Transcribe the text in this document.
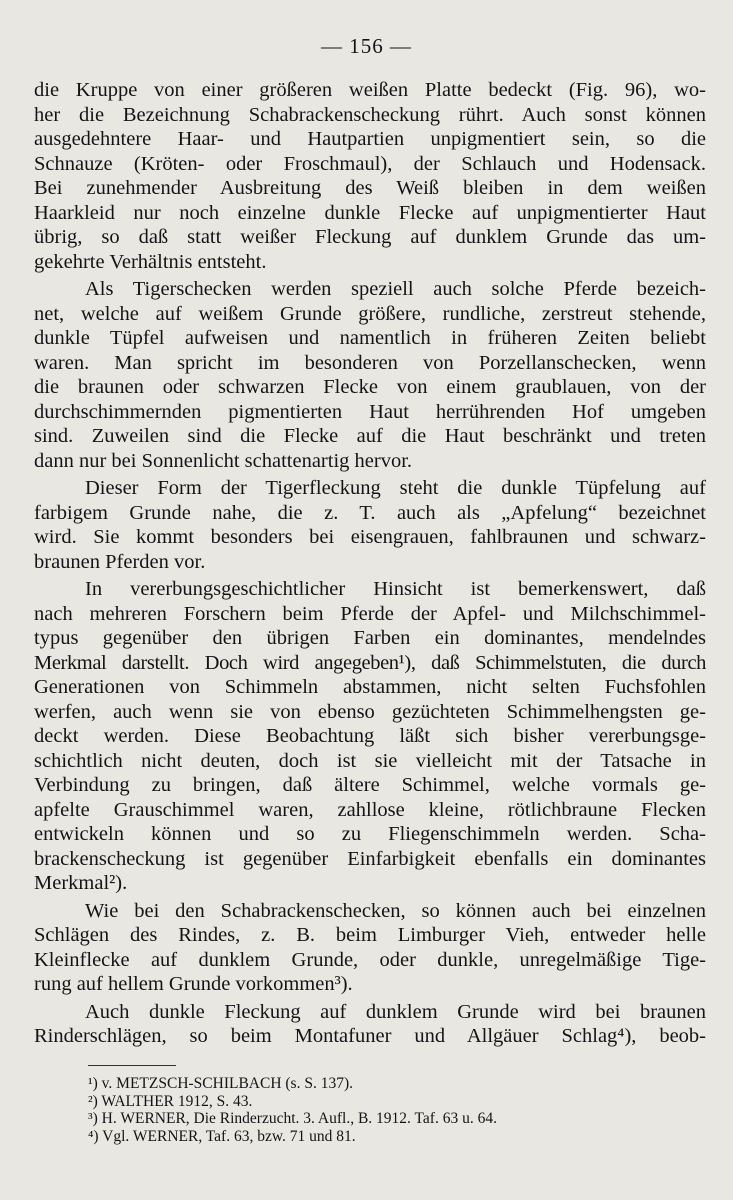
— 156 —
die Kruppe von einer größeren weißen Platte bedeckt (Fig. 96), wo-
her die Bezeichnung Schabrackenscheckung rührt. Auch sonst können
ausgedehntere Haar- und Hautpartien unpigmentiert sein, so die
Schnauze (Kröten- oder Froschmaul), der Schlauch und Hodensack.
Bei zunehmender Ausbreitung des Weiß bleiben in dem weißen
Haarkleid nur noch einzelne dunkle Flecke auf unpigmentierter Haut
übrig, so daß statt weißer Fleckung auf dunklem Grunde das um-
gekehrte Verhältnis entsteht.
Als Tigerschecken werden speziell auch solche Pferde bezeich-
net, welche auf weißem Grunde größere, rundliche, zerstreut stehende,
dunkle Tüpfel aufweisen und namentlich in früheren Zeiten beliebt
waren. Man spricht im besonderen von Porzellanschecken, wenn
die braunen oder schwarzen Flecke von einem graublauen, von der
durchschimmernden pigmentierten Haut herrührenden Hof umgeben
sind. Zuweilen sind die Flecke auf die Haut beschränkt und treten
dann nur bei Sonnenlicht schattenartig hervor.
Dieser Form der Tigerfleckung steht die dunkle Tüpfelung auf
farbigem Grunde nahe, die z. T. auch als „Apfelung“ bezeichnet
wird. Sie kommt besonders bei eisengrauen, fahlbraunen und schwarz-
braunen Pferden vor.
In vererbungsgeschichtlicher Hinsicht ist bemerkenswert, daß
nach mehreren Forschern beim Pferde der Apfel- und Milchschimmel-
typus gegenüber den übrigen Farben ein dominantes, mendelndes
Merkmal darstellt. Doch wird angegeben¹), daß Schimmelstuten, die durch
Generationen von Schimmeln abstammen, nicht selten Fuchsfohlen
werfen, auch wenn sie von ebenso gezüchteten Schimmelhengsten ge-
deckt werden. Diese Beobachtung läßt sich bisher vererbungsge-
schichtlich nicht deuten, doch ist sie vielleicht mit der Tatsache in
Verbindung zu bringen, daß ältere Schimmel, welche vormals ge-
apfelte Grauschimmel waren, zahllose kleine, rötlichbraune Flecken
entwickeln können und so zu Fliegenschimmeln werden. Scha-
brackenscheckung ist gegenüber Einfarbigkeit ebenfalls ein dominantes
Merkmal²).
Wie bei den Schabrackenschecken, so können auch bei einzelnen
Schlägen des Rindes, z. B. beim Limburger Vieh, entweder helle
Kleinflecke auf dunklem Grunde, oder dunkle, unregelmäßige Tige-
rung auf hellem Grunde vorkommen³).
Auch dunkle Fleckung auf dunklem Grunde wird bei braunen
Rinderschlägen, so beim Montafuner und Allgäuer Schlag⁴), beob-
¹) v. METZSCH-SCHILBACH (s. S. 137).
²) WALTHER 1912, S. 43.
³) H. WERNER, Die Rinderzucht. 3. Aufl., B. 1912. Taf. 63 u. 64.
⁴) Vgl. WERNER, Taf. 63, bzw. 71 und 81.
